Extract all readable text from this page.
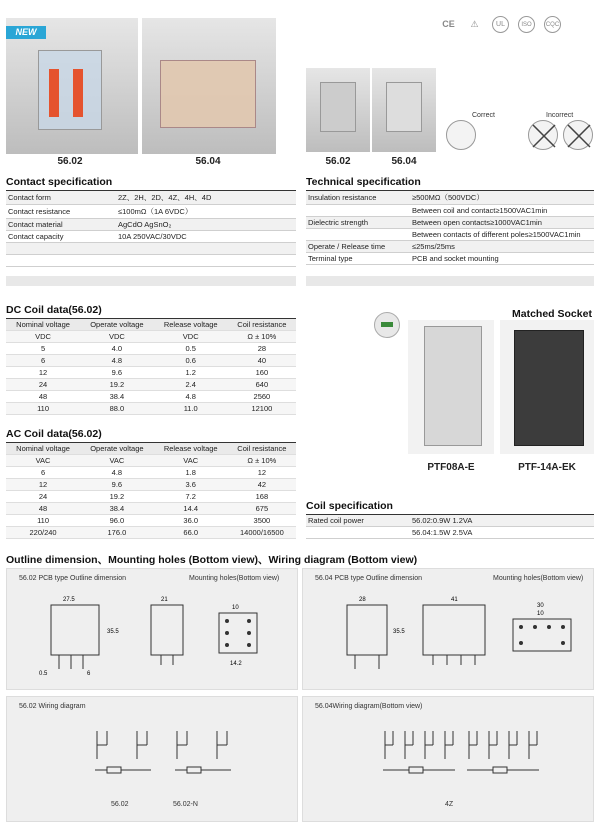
NEW
56.02	56.04
CE	⚠	UL	ISO	CQC
56.02	56.04
Correct	Incorrect
Contact specification
Contact form	2Z、2H、2D、4Z、4H、4D
Contact resistance	≤100mΩ（1A 6VDC）
Contact material	AgCdO AgSnO₂
Contact capacity	10A 250VAC/30VDC

Technical specification
Insulation resistance	≥500MΩ（500VDC）
	Between coil and contact≥1500VAC1min
Dielectric strength	Between open contacts≥1000VAC1min
	Between contacts of different poles≥1500VAC1min
Operate / Release time	≤25ms/25ms
Terminal type	PCB and socket mounting
DC Coil data(56.02)
Nominal voltage	Operate voltage	Release voltage	Coil resistance
VDC	VDC	VDC	Ω ± 10%
5	4.0	0.5	28
6	4.8	0.6	40
12	9.6	1.2	160
24	19.2	2.4	640
48	38.4	4.8	2560
110	88.0	11.0	12100
AC Coil data(56.02)
Nominal voltage	Operate voltage	Release voltage	Coil resistance
VAC	VAC	VAC	Ω ± 10%
6	4.8	1.8	12
12	9.6	3.6	42
24	19.2	7.2	168
48	38.4	14.4	675
110	96.0	36.0	3500
220/240	176.0	66.0	14000/16500
Matched Socket
PTF08A-E	PTF-14A-EK
Coil specification
Rated coil power	56.02:0.9W 1.2VA
	56.04:1.5W 2.5VA
Outline dimension、Mounting holes (Bottom view)、Wiring diagram (Bottom view)
56.02 PCB type Outline dimension	Mounting holes(Bottom view)
27.5
35.5
21
10
14.2
0.5	6
56.04 PCB type Outline dimension	Mounting holes(Bottom view)
28
35.5
41
30
10
56.02 Wiring diagram
56.02	56.02-N
56.04Wiring diagram(Bottom view)
4Z
